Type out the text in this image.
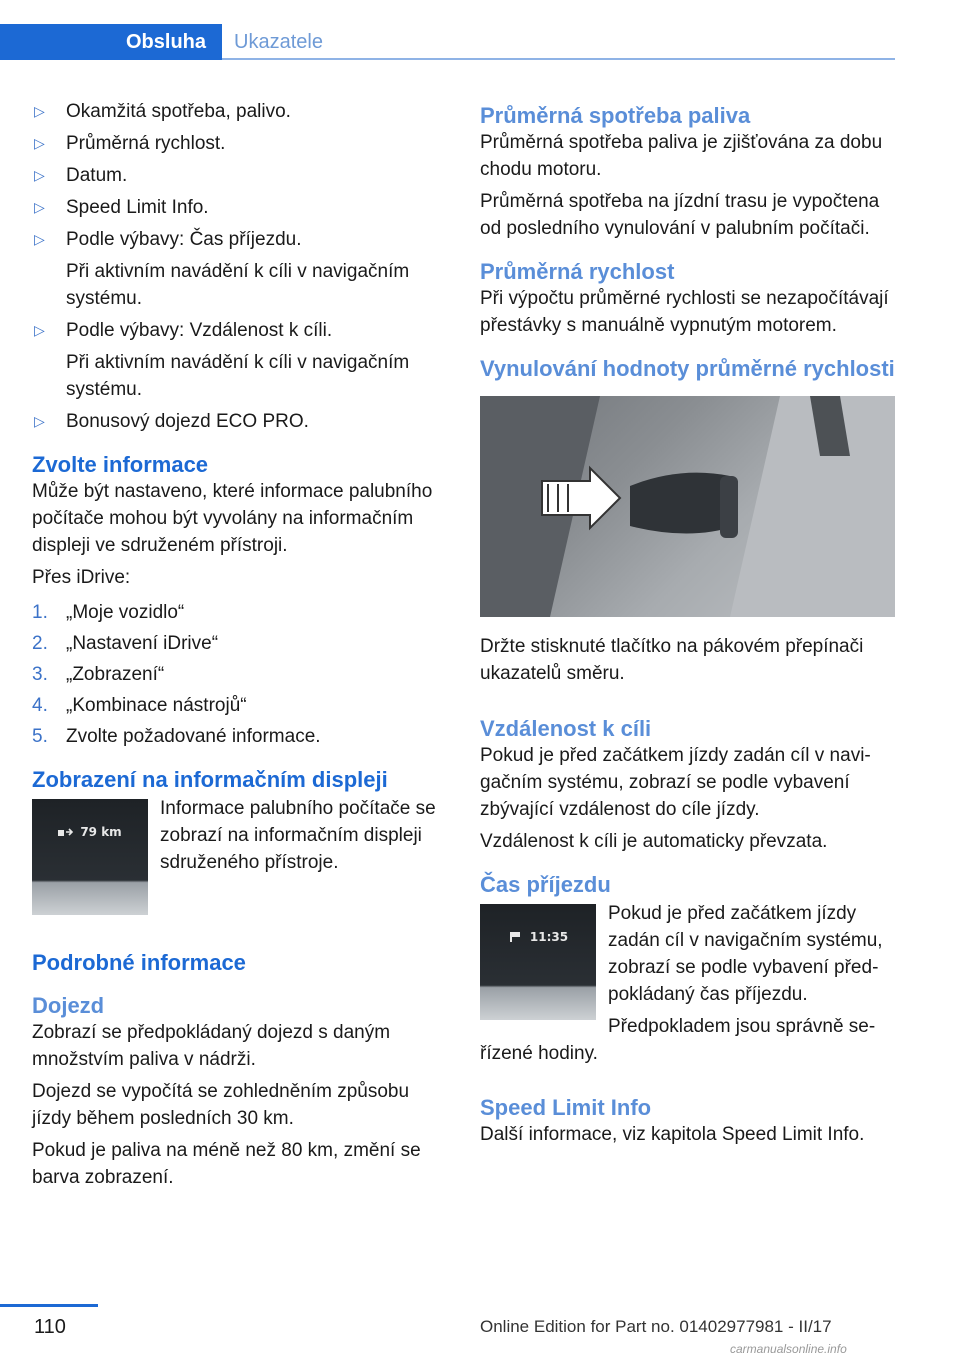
Obsluha	Ukazatele
▷	Okamžitá spotřeba, palivo.
▷	Průměrná rychlost.
▷	Datum.
▷	Speed Limit Info.
▷	Podle výbavy: Čas příjezdu.
Při aktivním navádění k cíli v navigačním systému.
▷	Podle výbavy: Vzdálenost k cíli.
Při aktivním navádění k cíli v navigačním systému.
▷	Bonusový dojezd ECO PRO.
Zvolte informace

Může být nastaveno, které informace palubního počítače mohou být vyvolány na informačním displeji ve sdruženém přístroji.

Přes iDrive:

1. „Moje vozidlo“
2. „Nastavení iDrive“
3. „Zobrazení“
4. „Kombinace nástrojů“
5. Zvolte požadované informace.
Zobrazení na informačním displeji
79 km

Informace palubního počítače se zobrazí na informačním displeji sdruženého přístroje.

Podrobné informace
Dojezd

Zobrazí se předpokládaný dojezd s daným množstvím paliva v nádrži.

Dojezd se vypočítá se zohledněním způsobu jízdy během posledních 30 km.

Pokud je paliva na méně než 80 km, změní se barva zobrazení.

Průměrná spotřeba paliva

Průměrná spotřeba paliva je zjišťována za dobu chodu motoru.

Průměrná spotřeba na jízdní trasu je vypočtena od posledního vynulování v palubním počítači.

Průměrná rychlost

Při výpočtu průměrné rychlosti se nezapočítávají přestávky s manuálně vypnutým motorem.

Vynulování hodnoty průměrné rychlosti

Držte stisknuté tlačítko na pákovém přepínači ukazatelů směru.

Vzdálenost k cíli

Pokud je před začátkem jízdy zadán cíl v navigačním systému, zobrazí se podle vybavení zbývající vzdálenost do cíle jízdy.

Vzdálenost k cíli je automaticky převzata.

Čas příjezdu
11:35

Pokud je před začátkem jízdy zadán cíl v navigačním systému, zobrazí se podle vybavení předpokládaný čas příjezdu.

Předpokladem jsou správně seřízené hodiny.

Speed Limit Info

Další informace, viz kapitola Speed Limit Info.

110	Online Edition for Part no. 01402977981 - II/17
carmanualsonline.info
